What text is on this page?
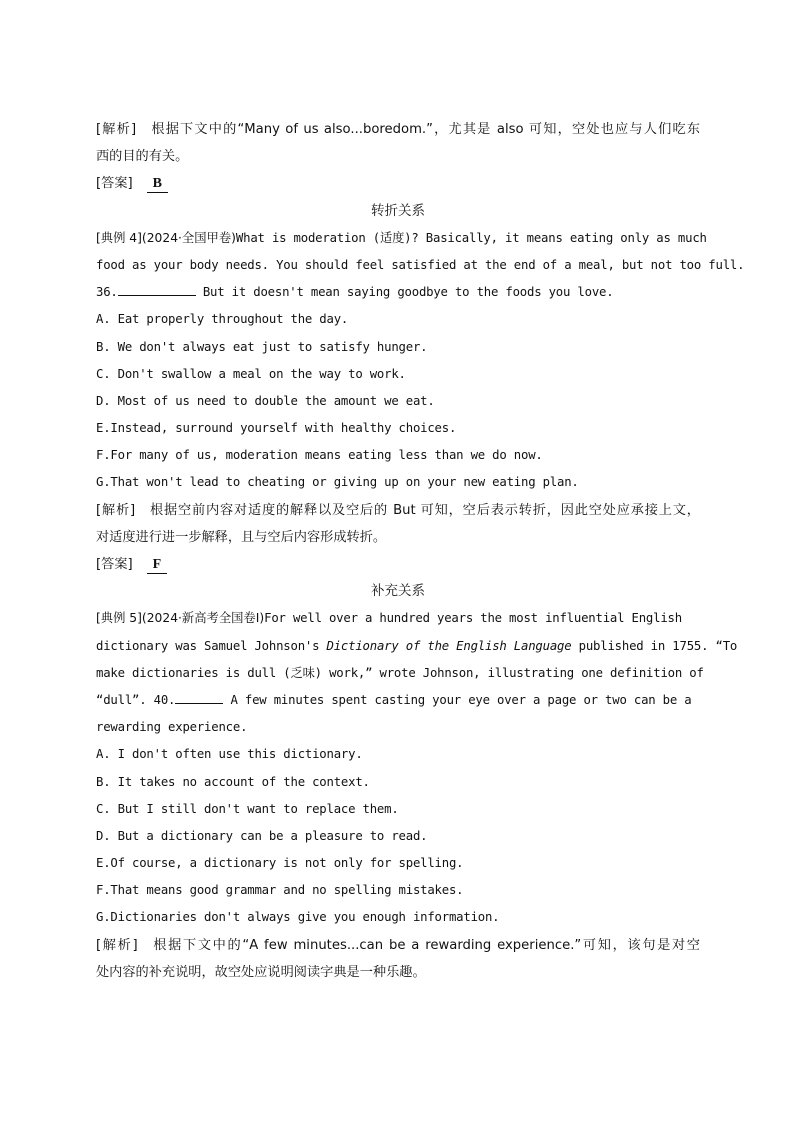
[解析] 根据下文中的“Many of us also...boredom.”，尤其是 also 可知，空处也应与人们吃东
西的目的有关。
[答案] B
转折关系
[典例 4](2024·全国甲卷)What is moderation (适度)? Basically, it means eating only as much
food as your body needs. You should feel satisfied at the end of a meal, but not too full.
36.	But it doesn't mean saying goodbye to the foods you love.
A. Eat properly throughout the day.
B. We don't always eat just to satisfy hunger.
C. Don't swallow a meal on the way to work.
D. Most of us need to double the amount we eat.
E.Instead, surround yourself with healthy choices.
F.For many of us, moderation means eating less than we do now.
G.That won't lead to cheating or giving up on your new eating plan.
[解析] 根据空前内容对适度的解释以及空后的 But 可知，空后表示转折，因此空处应承接上文，
对适度进行进一步解释，且与空后内容形成转折。
[答案] F
补充关系
[典例 5](2024·新高考全国卷Ⅰ)For well over a hundred years the most influential English
dictionary was Samuel Johnson's Dictionary of the English Language published in 1755. “To
make dictionaries is dull (乏味) work,” wrote Johnson, illustrating one definition of
“dull”. 40.	A few minutes spent casting your eye over a page or two can be a
rewarding experience.
A. I don't often use this dictionary.
B. It takes no account of the context.
C. But I still don't want to replace them.
D. But a dictionary can be a pleasure to read.
E.Of course, a dictionary is not only for spelling.
F.That means good grammar and no spelling mistakes.
G.Dictionaries don't always give you enough information.
[解析] 根据下文中的“A few minutes...can be a rewarding experience.”可知，该句是对空
处内容的补充说明，故空处应说明阅读字典是一种乐趣。
